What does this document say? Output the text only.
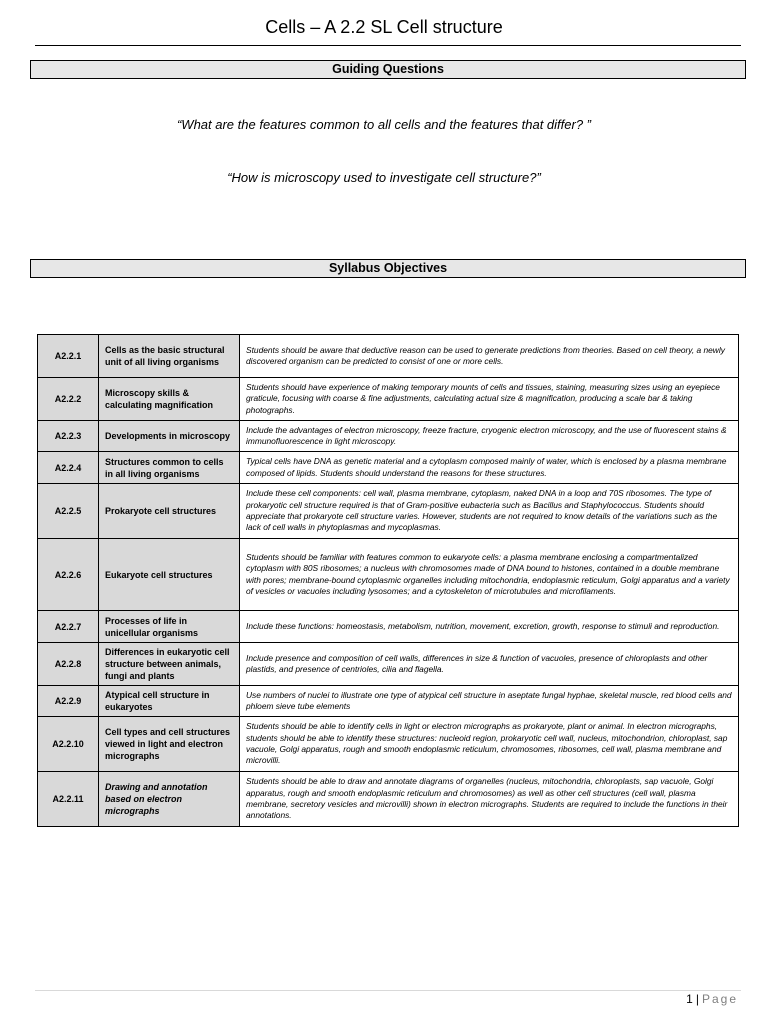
Cells – A 2.2 SL Cell structure
Guiding Questions
“What are the features common to all cells and the features that differ? ”
“How is microscopy used to investigate cell structure?”
Syllabus Objectives
A2.2.1	Cells as the basic structural unit of all living organisms	Students should be aware that deductive reason can be used to generate predictions from theories. Based on cell theory, a newly discovered organism can be predicted to consist of one or more cells.
A2.2.2	Microscopy skills & calculating magnification	Students should have experience of making temporary mounts of cells and tissues, staining, measuring sizes using an eyepiece graticule, focusing with coarse & fine adjustments, calculating actual size & magnification, producing a scale bar & taking photographs.
A2.2.3	Developments in microscopy	Include the advantages of electron microscopy, freeze fracture, cryogenic electron microscopy, and the use of fluorescent stains & immunofluorescence in light microscopy.
A2.2.4	Structures common to cells in all living organisms	Typical cells have DNA as genetic material and a cytoplasm composed mainly of water, which is enclosed by a plasma membrane composed of lipids. Students should understand the reasons for these structures.
A2.2.5	Prokaryote cell structures	Include these cell components: cell wall, plasma membrane, cytoplasm, naked DNA in a loop and 70S ribosomes. The type of prokaryotic cell structure required is that of Gram-positive eubacteria such as Bacillus and Staphylococcus. Students should appreciate that prokaryote cell structure varies. However, students are not required to know details of the variations such as the lack of cell walls in phytoplasmas and mycoplasmas.
A2.2.6	Eukaryote cell structures	Students should be familiar with features common to eukaryote cells: a plasma membrane enclosing a compartmentalized cytoplasm with 80S ribosomes; a nucleus with chromosomes made of DNA bound to histones, contained in a double membrane with pores; membrane-bound cytoplasmic organelles including mitochondria, endoplasmic reticulum, Golgi apparatus and a variety of vesicles or vacuoles including lysosomes; and a cytoskeleton of microtubules and microfilaments.
A2.2.7	Processes of life in unicellular organisms	Include these functions: homeostasis, metabolism, nutrition, movement, excretion, growth, response to stimuli and reproduction.
A2.2.8	Differences in eukaryotic cell structure between animals, fungi and plants	Include presence and composition of cell walls, differences in size & function of vacuoles, presence of chloroplasts and other plastids, and presence of centrioles, cilia and flagella.
A2.2.9	Atypical cell structure in eukaryotes	Use numbers of nuclei to illustrate one type of atypical cell structure in aseptate fungal hyphae, skeletal muscle, red blood cells and phloem sieve tube elements
A2.2.10	Cell types and cell structures viewed in light and electron micrographs	Students should be able to identify cells in light or electron micrographs as prokaryote, plant or animal. In electron micrographs, students should be able to identify these structures: nucleoid region, prokaryotic cell wall, nucleus, mitochondrion, chloroplast, sap vacuole, Golgi apparatus, rough and smooth endoplasmic reticulum, chromosomes, ribosomes, cell wall, plasma membrane and microvilli.
A2.2.11	Drawing and annotation based on electron micrographs	Students should be able to draw and annotate diagrams of organelles (nucleus, mitochondria, chloroplasts, sap vacuole, Golgi apparatus, rough and smooth endoplasmic reticulum and chromosomes) as well as other cell structures (cell wall, plasma membrane, secretory vesicles and microvilli) shown in electron micrographs. Students are required to include the functions in their annotations.
1 | Page
